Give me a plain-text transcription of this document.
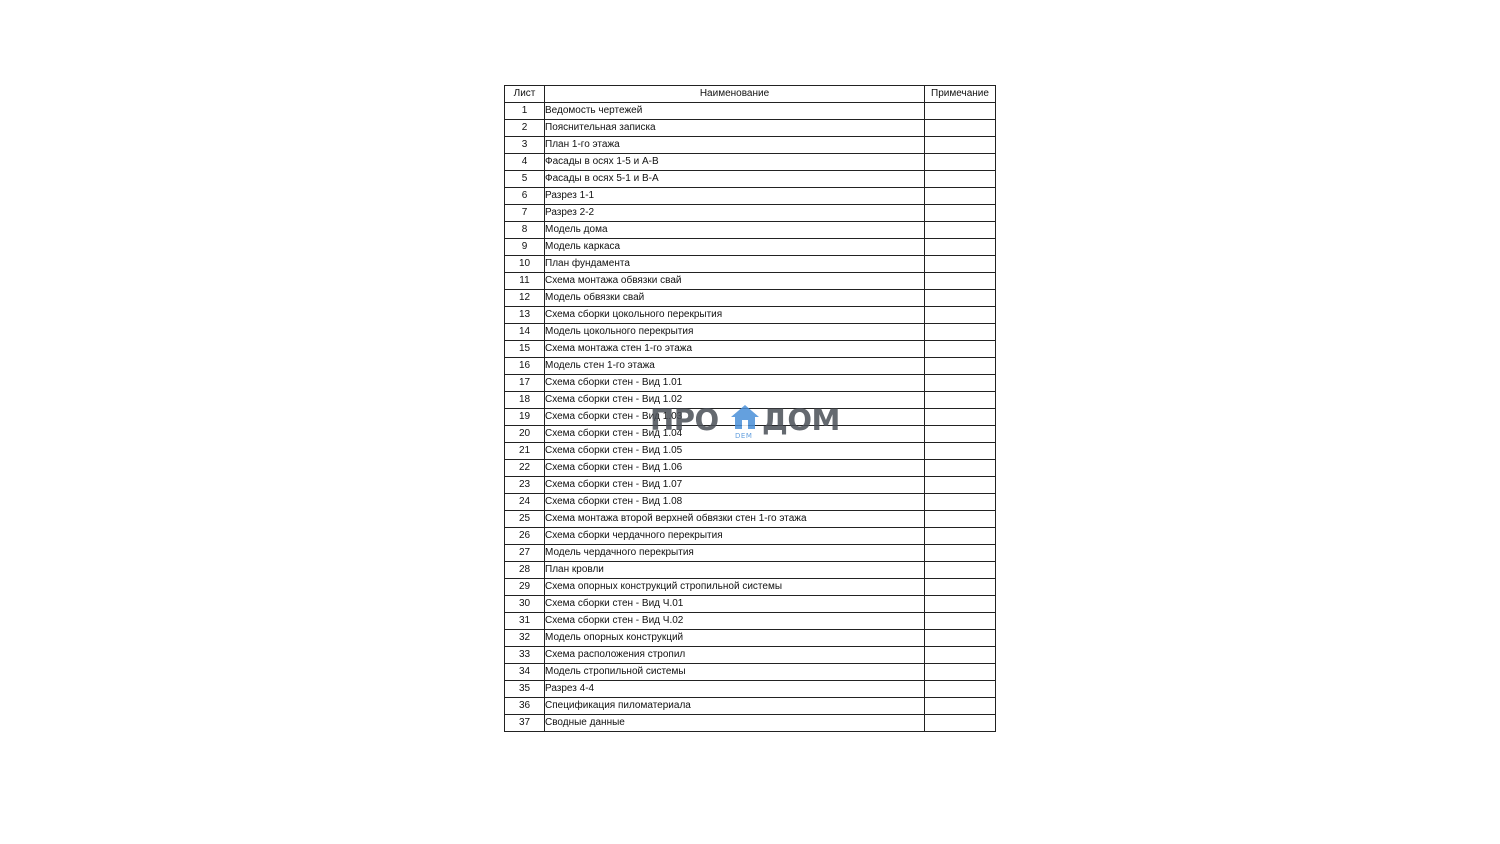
Лист	Наименование	Примечание
1	Ведомость чертежей	
2	Пояснительная записка	
3	План 1-го этажа	
4	Фасады в осях 1-5 и А-В	
5	Фасады в осях 5-1 и В-А	
6	Разрез 1-1	
7	Разрез 2-2	
8	Модель дома	
9	Модель каркаса	
10	План фундамента	
11	Схема монтажа обвязки свай	
12	Модель обвязки свай	
13	Схема сборки цокольного перекрытия	
14	Модель цокольного перекрытия	
15	Схема монтажа стен 1-го этажа	
16	Модель стен 1-го этажа	
17	Схема сборки стен - Вид 1.01	
18	Схема сборки стен - Вид 1.02	
19	Схема сборки стен - Вид 1.03	
20	Схема сборки стен - Вид 1.04	
21	Схема сборки стен - Вид 1.05	
22	Схема сборки стен - Вид 1.06	
23	Схема сборки стен - Вид 1.07	
24	Схема сборки стен - Вид 1.08	
25	Схема монтажа второй верхней обвязки стен 1-го этажа	
26	Схема сборки чердачного перекрытия	
27	Модель чердачного перекрытия	
28	План кровли	
29	Схема опорных конструкций стропильной системы	
30	Схема сборки стен - Вид Ч.01	
31	Схема сборки стен - Вид Ч.02	
32	Модель опорных конструкций	
33	Схема расположения стропил	
34	Модель стропильной системы	
35	Разрез 4-4	
36	Спецификация пиломатериала	
37	Сводные данные	
ПРО DEM ДОМ
